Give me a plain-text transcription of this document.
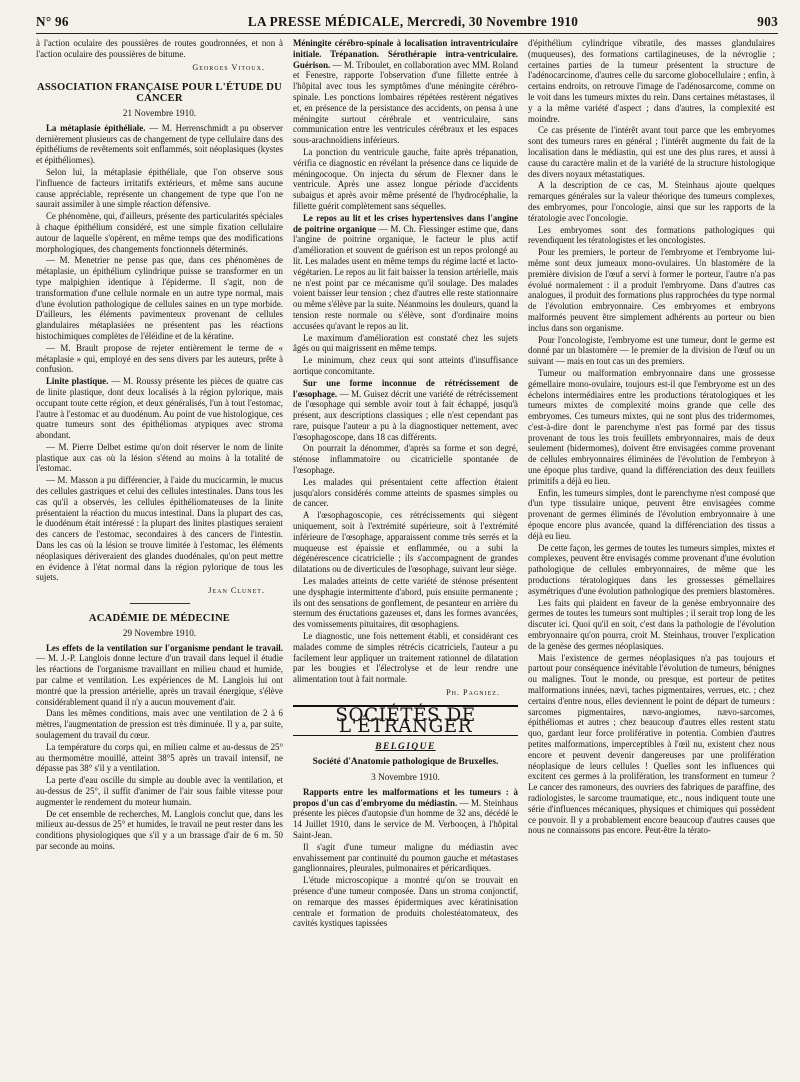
N° 96	LA PRESSE MÉDICALE, Mercredi, 30 Novembre 1910	903

à l'action oculaire des poussières de routes goudronnées, et non à l'action oculaire des poussières de bitume.

Georges Vitoux.
ASSOCIATION FRANÇAISE POUR L'ÉTUDE DU CANCER
21 Novembre 1910.

La métaplasie épithéliale. — M. Herrenschmidt a pu observer dernièrement plusieurs cas de changement de type cellulaire dans des épithéliums de revêtements soit enflammés, soit néoplasiques (kystes et épithéliomes).

Selon lui, la métaplasie épithéliale, que l'on observe sous l'influence de facteurs irritatifs extérieurs, et même sans aucune cause appréciable, représente un changement de type que l'on ne saurait assimiler à une simple réaction défensive.

Ce phénomène, qui, d'ailleurs, présente des particularités spéciales à chaque épithélium considéré, est une simple fixation cellulaire autour de laquelle s'opèrent, en même temps que des modifications morphologiques, des changements fonctionnels déterminés.

— M. Menetrier ne pense pas que, dans ces phénomènes de métaplasie, un épithélium cylindrique puisse se transformer en un type malpighien identique à l'épiderme. Il s'agit, non de transformation d'une cellule normale en un autre type normal, mais d'une évolution pathologique de cellules saines en un type morbide. D'ailleurs, les éléments pavimenteux provenant de cellules glandulaires métaplasiées ne présentent pas les réactions histochimiques complètes de l'éléidine et de la kératine.

— M. Brault propose de rejeter entièrement le terme de « métaplasie » qui, employé en des sens divers par les auteurs, prête à confusion.

Linite plastique. — M. Roussy présente les pièces de quatre cas de linite plastique, dont deux localisés à la région pylorique, mais occupant toute cette région, et deux généralisés, l'un à tout l'estomac, l'autre à l'estomac et au duodénum. Au point de vue histologique, ces quatre tumeurs sont des épithéliomas atypiques avec stroma abondant.

— M. Pierre Delbet estime qu'on doit réserver le nom de linite plastique aux cas où la lésion s'étend au moins à la totalité de l'estomac.

— M. Masson a pu différencier, à l'aide du mucicarmin, le mucus des cellules gastriques et celui des cellules intestinales. Dans tous les cas qu'il a observés, les cellules épithéliomateuses de la linite présentaient la réaction du mucus intestinal. Dans la plupart des cas, le duodénum était intéressé : la plupart des linites plastiques seraient des cancers de l'estomac, secondaires à des cancers de l'intestin. Dans les cas où la lésion se trouve limitée à l'estomac, les éléments néoplasiques dériveraient des glandes duodénales, qu'on peut mettre en évidence à l'état normal dans la région pylorique de tous les sujets.

Jean Clunet.
ACADÉMIE DE MÉDECINE
29 Novembre 1910.

Les effets de la ventilation sur l'organisme pendant le travail. — M. J.-P. Langlois donne lecture d'un travail dans lequel il étudie les réactions de l'organisme travaillant en milieu chaud et humide, par calme et ventilation. Les expériences de M. Langlois lui ont montré que la pression artérielle, après un travail énergique, s'élève considérablement quand il n'y a aucun mouvement d'air.

Dans les mêmes conditions, mais avec une ventilation de 2 à 6 mètres, l'augmentation de pression est très diminuée. Il y a, par suite, soulagement du travail du cœur.

La température du corps qui, en milieu calme et au-dessus de 25° au thermomètre mouillé, atteint 38°5 après un travail intensif, ne dépasse pas 38° s'il y a ventilation.

La perte d'eau oscille du simple au double avec la ventilation, et au-dessus de 25°, il suffit d'animer de l'air sous faible vitesse pour augmenter le rendement du moteur humain.

De cet ensemble de recherches, M. Langlois conclut que, dans les milieux au-dessus de 25° et humides, le travail ne peut rester dans les conditions physiologiques que s'il y a un brassage d'air de 6 m. 50 par seconde au moins.

Méningite cérébro-spinale à localisation intraventriculaire initiale. Trépanation. Sérothérapie intra-ventriculaire. Guérison. — M. Triboulet, en collaboration avec MM. Roland et Fenestre, rapporte l'observation d'une fillette entrée à l'hôpital avec tous les symptômes d'une méningite cérébro-spinale. Les ponctions lombaires répétées restèrent négatives et, en présence de la persistance des accidents, on pensa à une méningite surtout cérébrale et ventriculaire, sans communication entre les ventricules cérébraux et les espaces sous-arachnoïdiens inférieurs.

La ponction du ventricule gauche, faite après trépanation, vérifia ce diagnostic en révélant la présence dans ce liquide de méningocoque. On injecta du sérum de Flexner dans le ventricule. Après une assez longue période d'accidents subaigus et après avoir même présenté de l'hydrocéphalie, la fillette guérit complètement sans séquelles.

Le repos au lit et les crises hypertensives dans l'angine de poitrine organique — M. Ch. Fiessinger estime que, dans l'angine de poitrine organique, le facteur le plus actif d'amélioration et souvent de guérison est un repos prolongé au lit. Les malades usent en même temps du régime lacté et lacto-végétarien. Le repos au lit fait baisser la tension artérielle, mais ne n'est point par ce mécanisme qu'il soulage. Des malades voient baisser leur tension ; chez d'autres elle reste stationnaire ou même s'élève par la suite. Néanmoins les douleurs, quand la tension reste normale ou s'élève, sont d'ordinaire moins accusées qu'avant le repos au lit.

Le maximum d'amélioration est constaté chez les sujets âgés ou qui maigrissent en même temps.

Le minimum, chez ceux qui sont atteints d'insuffisance aortique concomitante.

Sur une forme inconnue de rétrécissement de l'œsophage. — M. Guisez décrit une variété de rétrécissement de l'œsophage qui semble avoir tout à fait échappé, jusqu'à présent, aux descriptions classiques ; elle n'est cependant pas rare, puisque l'auteur a pu à la diagnostiquer nettement, avec l'œsophagoscope, dans 18 cas différents.

On pourrait la dénommer, d'après sa forme et son degré, sténose inflammatoire ou cicatricielle spontanée de l'œsophage.

Les malades qui présentaient cette affection étaient jusqu'alors considérés comme atteints de spasmes simples ou de cancer.

A l'œsophagoscopie, ces rétrécissements qui siègent uniquement, soit à l'extrémité supérieure, soit à l'extrémité inférieure de l'œsophage, apparaissent comme très serrés et la muqueuse est épaissie et enflammée, ou a subi la dégénérescence cicatricielle ; ils s'accompagnent de grandes dilatations ou de diverticules de l'œsophage, suivant leur siège.

Les malades atteints de cette variété de sténose présentent une dysphagie intermittente d'abord, puis ensuite permanente ; ils ont des sensations de gonflement, de pesanteur en arrière du sternum des éructations gazeuses et, dans les formes avancées, des vomissements pituitaires, dit œsophagiens.

Le diagnostic, une fois nettement établi, et considérant ces malades comme de simples rétrécis cicatriciels, l'auteur a pu facilement leur appliquer un traitement rationnel de dilatation par les bougies et l'électrolyse et de leur rendre une alimentation tout à fait normale.

Ph. Pagniez.
SOCIÉTÉS DE L'ÉTRANGER
BELGIQUE
Société d'Anatomie pathologique de Bruxelles.
3 Novembre 1910.

Rapports entre les malformations et les tumeurs : à propos d'un cas d'embryome du médiastin. — M. Steinhaus présente les pièces d'autopsie d'un homme de 32 ans, décédé le 14 Juillet 1910, dans le service de M. Verbooçen, à l'hôpital Saint-Jean.

Il s'agit d'une tumeur maligne du médiastin avec envahissement par continuité du poumon gauche et métastases ganglionnaires, pleurales, pulmonaires et péricardiques.

L'étude microscopique a montré qu'on se trouvait en présence d'une tumeur composée. Dans un stroma conjonctif, on remarque des masses épidermiques avec kératinisation centrale et formation de produits cholestéatomateux, des cavités kystiques tapissées

d'épithélium cylindrique vibratile, des masses glandulaires (muqueuses), des formations cartilagineuses, de la névroglie ; certaines parties de la tumeur présentent la structure de l'adénocarcinome, d'autres celle du sarcome globocellulaire ; enfin, à certains endroits, on retrouve l'image de l'adénosarcome, comme on le voit dans les tumeurs mixtes du rein. Dans certaines métastases, il y a la même variété d'aspect ; dans d'autres, la complexité est moindre.

Ce cas présente de l'intérêt avant tout parce que les embryomes sont des tumeurs rares en général ; l'intérêt augmente du fait de la localisation dans le médiastin, qui est une des plus rares, et aussi à cause du caractère malin et de la variété de la structure histologique des divers noyaux métastatiques.

A la description de ce cas, M. Steinhaus ajoute quelques remarques générales sur la valeur théorique des tumeurs complexes, des embryomes, pour l'oncologie, ainsi que sur les rapports de la tératologie avec l'oncologie.

Les embryomes sont des formations pathologiques qui revendiquent les tératologistes et les oncologistes.

Pour les premiers, le porteur de l'embryome et l'embryome lui-même sont deux jumeaux mono-ovulaires. Un blastomère de la première division de l'œuf a servi à former le porteur, l'autre n'a pas évolué normalement : il a produit l'embryome. Dans d'autres cas analogues, il produit des formations plus rapprochées du type normal de l'évolution embryonnaire. Ces embryomes et embryons malformés peuvent être simplement adhérents au porteur ou bien inclus dans son organisme.

Pour l'oncologiste, l'embryome est une tumeur, dont le germe est donné par un blastomère — le premier de la division de l'œuf ou un suivant — mais en tout cas un des premiers.

Tumeur ou malformation embryonnaire dans une grossesse gémellaire mono-ovulaire, toujours est-il que l'embryome est un des échelons intermédiaires entre les productions tératologiques et les tumeurs mixtes de complexité moins grande que celle des embryomes. Ces tumeurs mixtes, qui ne sont plus des tridermomes, c'est-à-dire dont le parenchyme n'est pas formé par des tissus provenant de tous les trois feuillets embryonnaires, mais de deux seulement (bidermomes), doivent être envisagées comme provenant de cellules embryonnaires éliminées de l'évolution de l'embryon à une époque plus tardive, quand la différenciation des deux feuillets primitifs a déjà eu lieu.

Enfin, les tumeurs simples, dont le parenchyme n'est composé que d'un type tissulaire unique, peuvent être envisagées comme provenant de germes éliminés de l'évolution embryonnaire à une époque encore plus avancée, quand la différenciation des tissus a déjà eu lieu.

De cette façon, les germes de toutes les tumeurs simples, mixtes et complexes, peuvent être envisagés comme provenant d'une évolution pathologique de cellules embryonnaires, de même que les productions tératologiques dans les grossesses gémellaires asymétriques d'une évolution pathologique des premiers blastomères.

Les faits qui plaident en faveur de la genèse embryonnaire des germes de toutes les tumeurs sont multiples ; il serait trop long de les discuter ici. Quoi qu'il en soit, c'est dans la pathologie de l'évolution embryonnaire qu'on pourra, croit M. Steinhaus, trouver l'explication de la genèse des germes néoplasiques.

Mais l'existence de germes néoplasiques n'a pas toujours et partout pour conséquence inévitable l'évolution de tumeurs, bénignes ou malignes. Tout le monde, ou presque, est porteur de petites malformations innées, nævi, taches pigmentaires, verrues, etc. ; chez certains d'entre nous, elles deviennent le point de départ de tumeurs : sarcomes pigmentaires, nævo-angiomes, nævo-sarcomes, épithéliomas et autres ; chez beaucoup d'autres elles restent statu quo, gardant leur force proliférative in potentia. Combien d'autres petites malformations, imperceptibles à l'œil nu, existent chez nous encore et peuvent devenir dangereuses par une prolifération néoplasique de leurs cellules ! Quelles sont les influences qui excitent ces germes à la prolifération, les transforment en tumeur ? Le cancer des ramoneurs, des ouvriers des fabriques de paraffine, des radiologistes, le sarcome traumatique, etc., nous indiquent toute une série d'influences mécaniques, physiques et chimiques qui possèdent ce pouvoir. Il y a probablement encore beaucoup d'autres causes que nous ne connaissons pas encore. Peut-être la térato-
